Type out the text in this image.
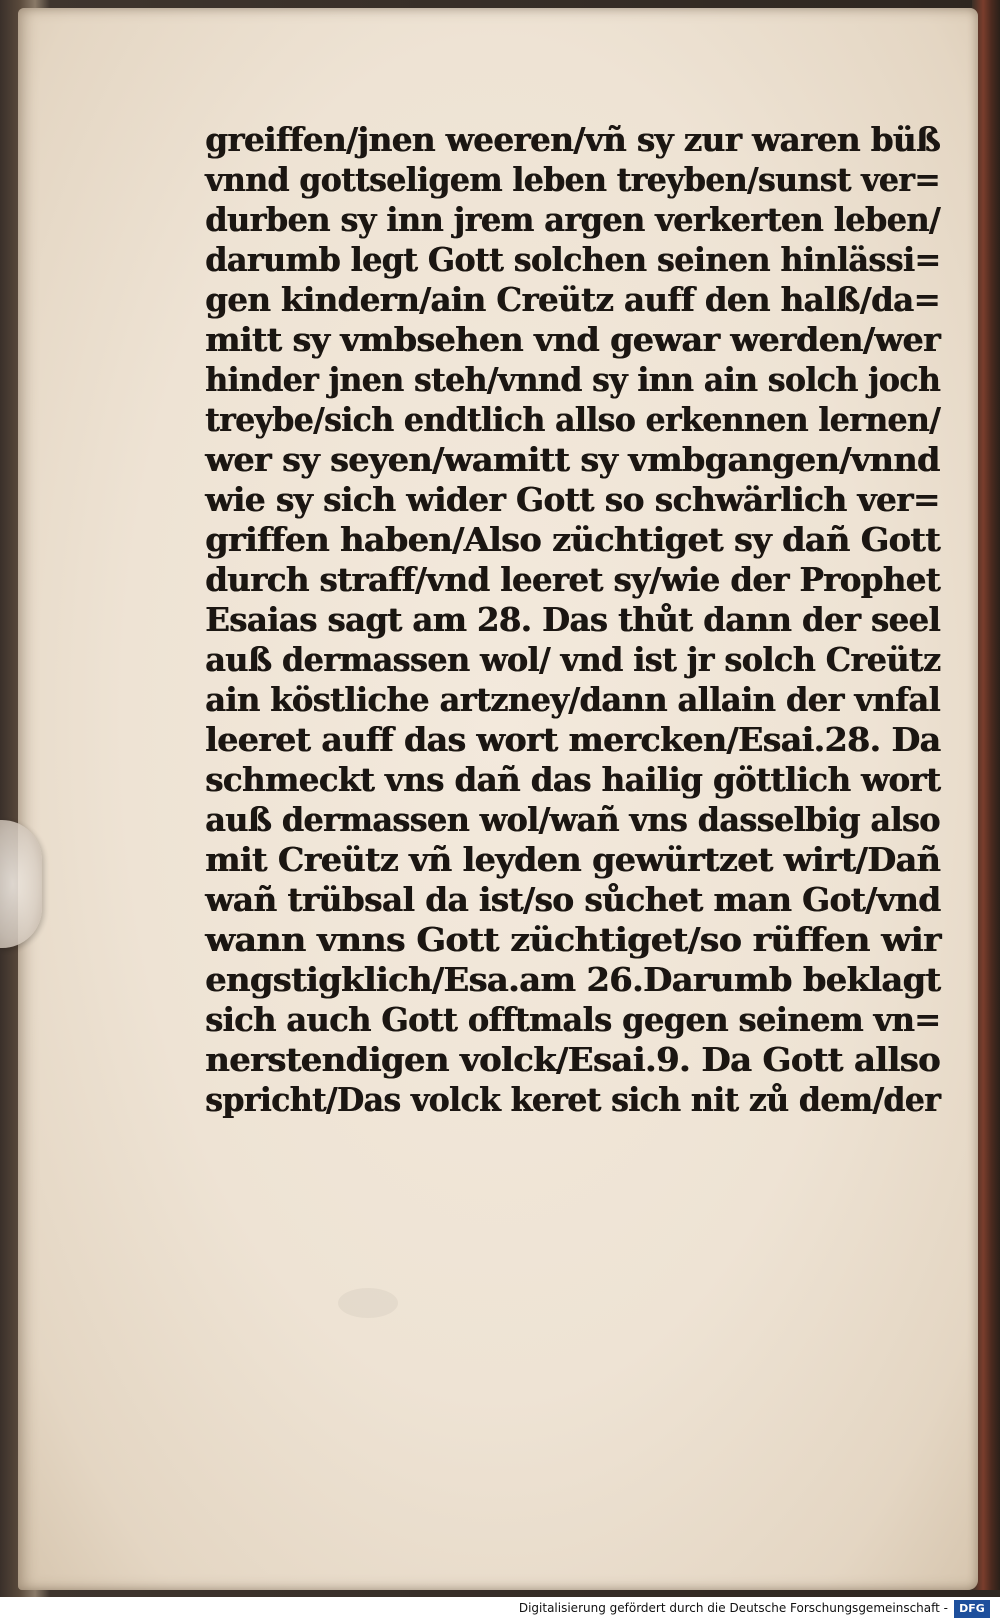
greiffen/jnen weeren/vñ sy zur waren büß
vnnd gottseligem leben treyben/sunst ver=
durben sy inn jrem argen verkerten leben/
darumb legt Gott solchen seinen hinlässi=
gen kindern/ain Creütz auff den halß/da=
mitt sy vmbsehen vnd gewar werden/wer
hinder jnen steh/vnnd sy inn ain solch joch
treybe/sich endtlich allso erkennen lernen/
wer sy seyen/wamitt sy vmbgangen/vnnd
wie sy sich wider Gott so schwärlich ver=
griffen haben/Also züchtiget sy dañ Gott
durch straff/vnd leeret sy/wie der Prophet
Esaias sagt am 28. Das thůt dann der seel
auß dermassen wol/ vnd ist jr solch Creütz
ain köstliche artzney/dann allain der vnfal
leeret auff das wort mercken/Esai.28. Da
schmeckt vns dañ das hailig göttlich wort
auß dermassen wol/wañ vns dasselbig also
mit Creütz vñ leyden gewürtzet wirt/Dañ
wañ trübsal da ist/so sůchet man Got/vnd
wann vnns Gott züchtiget/so rüffen wir
engstigklich/Esa.am 26.Darumb beklagt
sich auch Gott offtmals gegen seinem vn=
nerstendigen volck/Esai.9. Da Gott allso
spricht/Das volck keret sich nit zů dem/der
Digitalisierung gefördert durch die Deutsche Forschungsgemeinschaft -	DFG
